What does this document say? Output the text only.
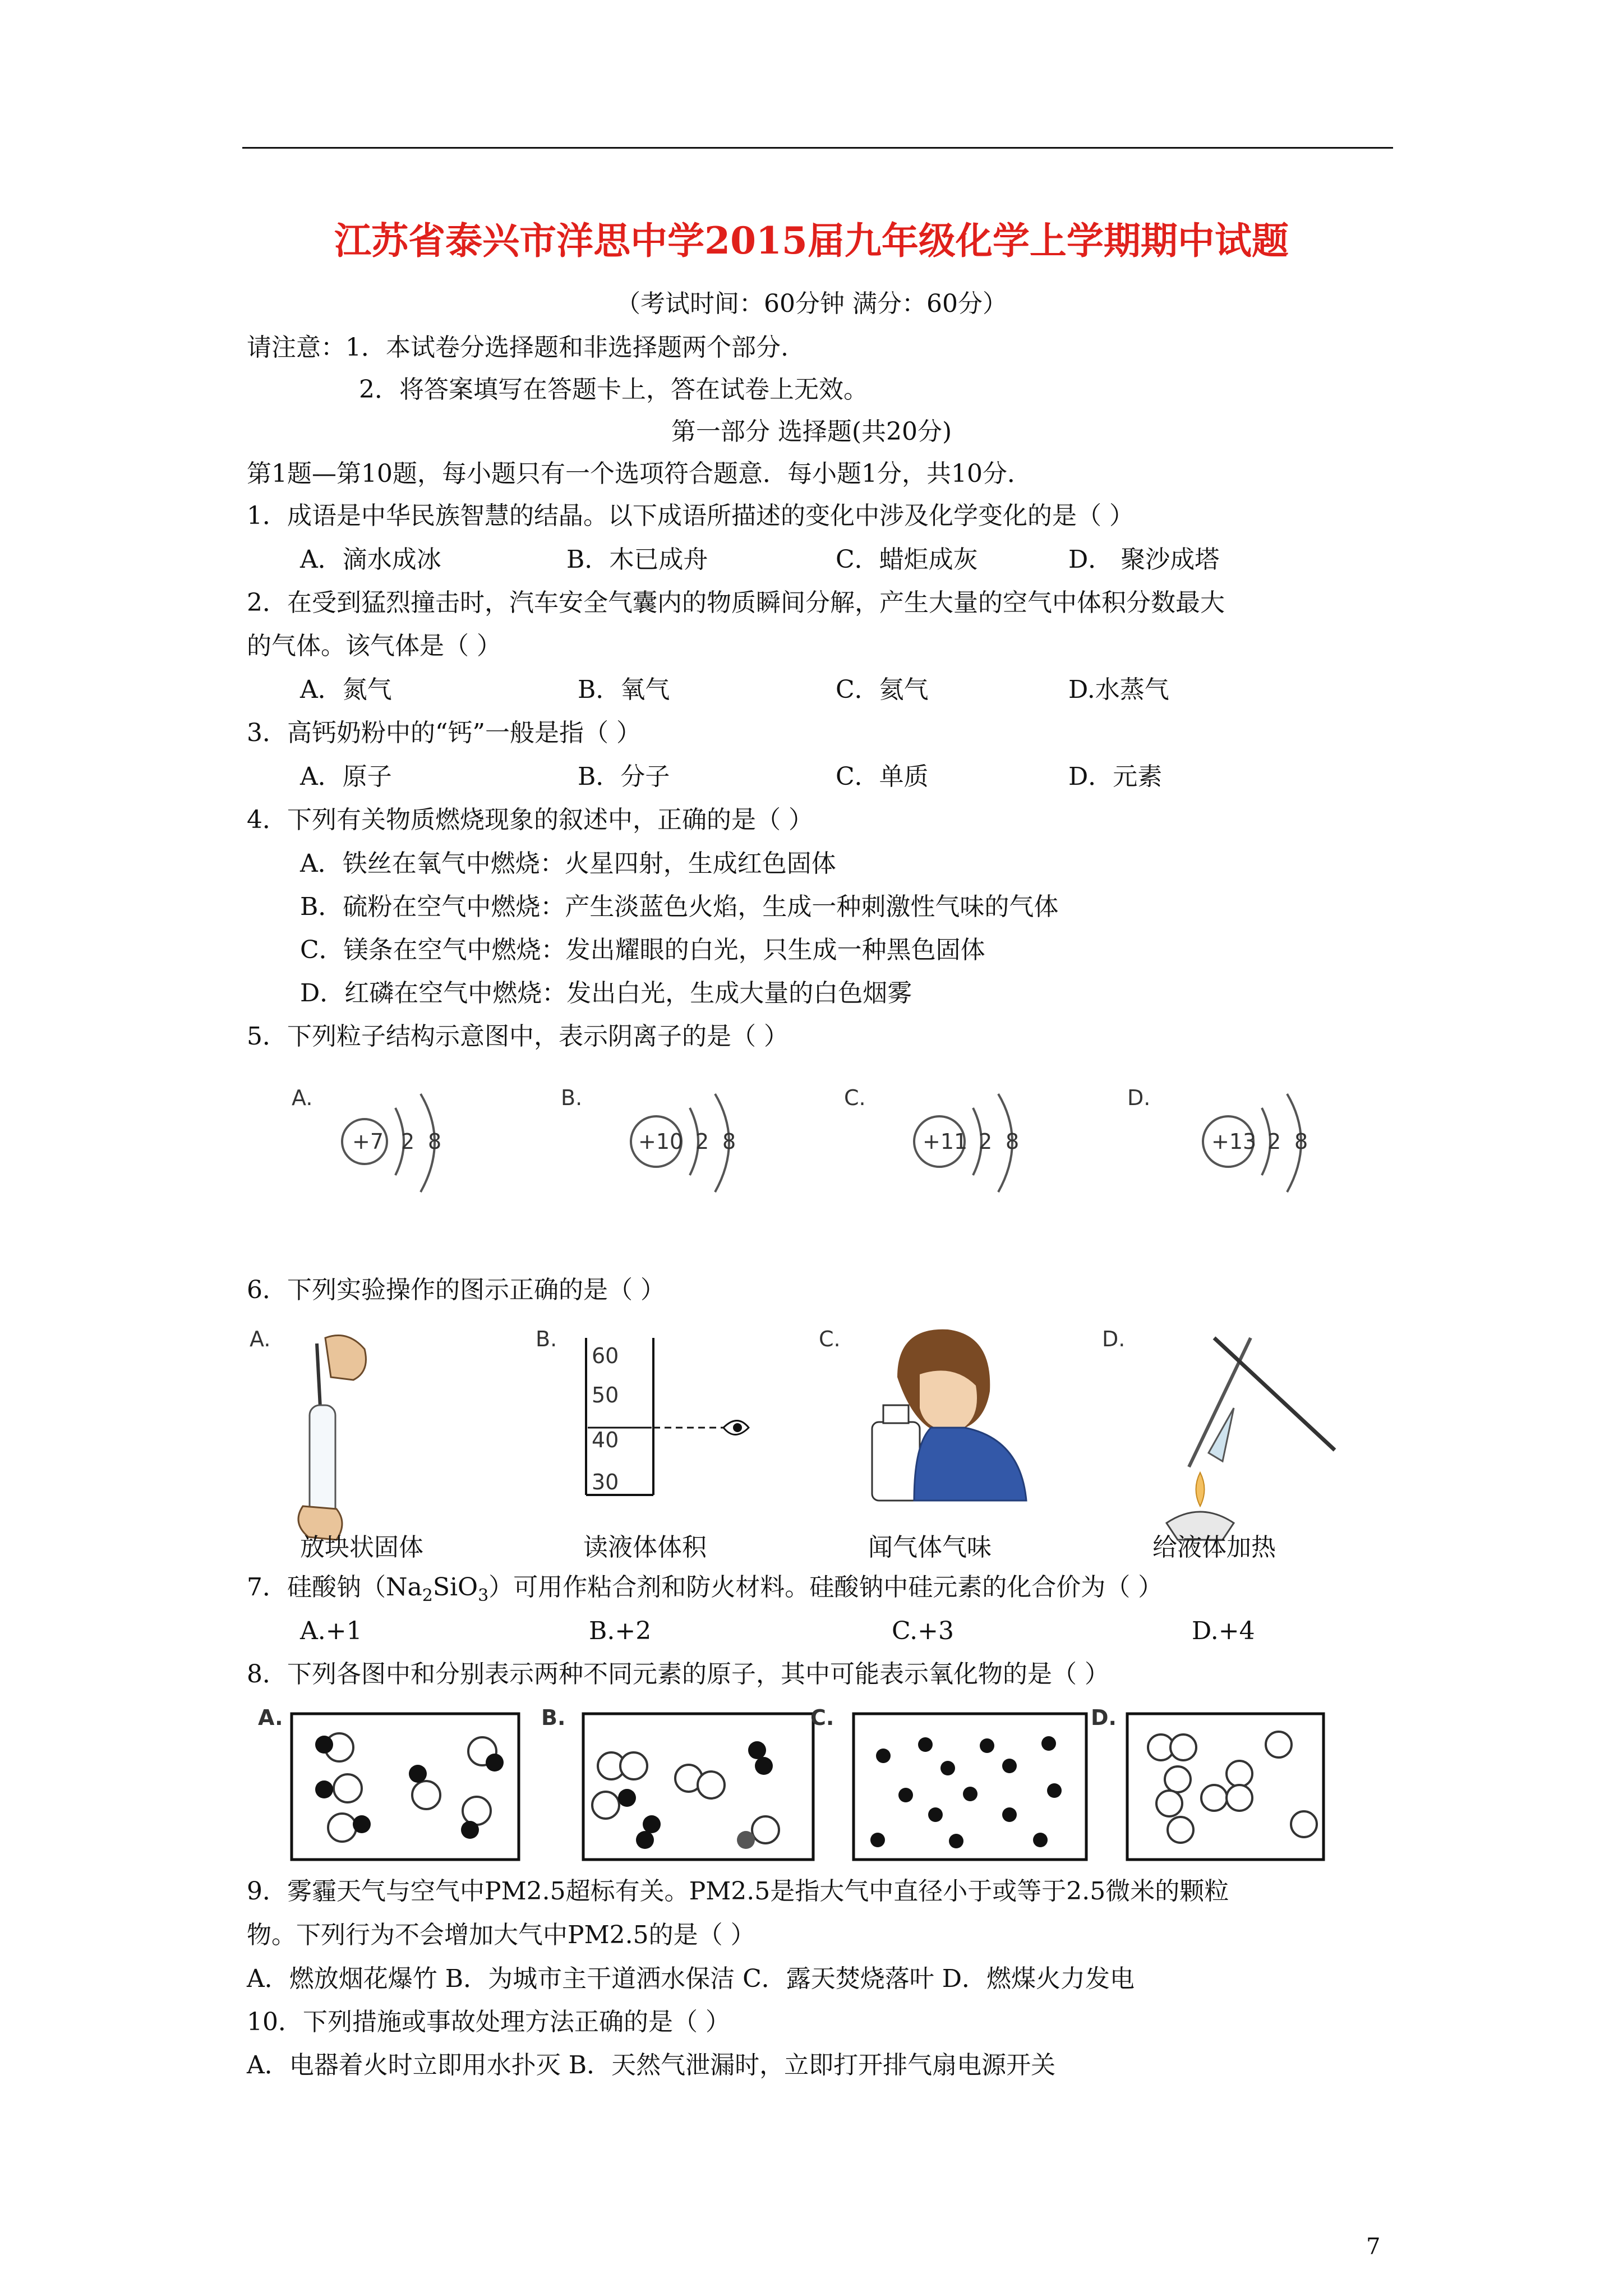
江苏省泰兴市洋思中学2015届九年级化学上学期期中试题
（考试时间：60分钟 满分：60分）
请注意：1．本试卷分选择题和非选择题两个部分.
2．将答案填写在答题卡上，答在试卷上无效。
第一部分 选择题(共20分)
第1题—第10题，每小题只有一个选项符合题意．每小题1分，共10分．
1．成语是中华民族智慧的结晶。以下成语所描述的变化中涉及化学变化的是（ ）
A．滴水成冰	B．木已成舟	C．蜡炬成灰	D． 聚沙成塔
2．在受到猛烈撞击时，汽车安全气囊内的物质瞬间分解，产生大量的空气中体积分数最大
的气体。该气体是（ ）
A．氮气	B．氧气	C．氦气	D.水蒸气
3．高钙奶粉中的“钙”一般是指（ ）
A．原子	B．分子	C．单质	D．元素
4．下列有关物质燃烧现象的叙述中，正确的是（ ）
A．铁丝在氧气中燃烧：火星四射，生成红色固体
B．硫粉在空气中燃烧：产生淡蓝色火焰，生成一种刺激性气味的气体
C．镁条在空气中燃烧：发出耀眼的白光，只生成一种黑色固体
D．红磷在空气中燃烧：发出白光，生成大量的白色烟雾
5．下列粒子结构示意图中，表示阴离子的是（ ）
A.
+7 2 8
B.
+10 2 8
C.
+11 2 8
D.
+13 2 8
6．下列实验操作的图示正确的是（ ）
A.	B.
60
50
40
30
C.	D.
放块状固体	读液体体积	闻气体气味	给液体加热
7．硅酸钠$(Na_2SiO_3)$可用作粘合剂和防火材料。硅酸钠中硅元素的化合价为（ ）
A.+1	B.+2	C.+3	D.+4
8．下列各图中和分别表示两种不同元素的原子，其中可能表示氧化物的是（ ）
A.	B.	C.	D.
9．雾霾天气与空气中PM2.5超标有关。PM2.5是指大气中直径小于或等于2.5微米的颗粒
物。下列行为不会增加大气中PM2.5的是（ ）
A．燃放烟花爆竹 B．为城市主干道洒水保洁 C．露天焚烧落叶 D．燃煤火力发电
10．下列措施或事故处理方法正确的是（ ）
A．电器着火时立即用水扑灭 B．天然气泄漏时，立即打开排气扇电源开关
7
